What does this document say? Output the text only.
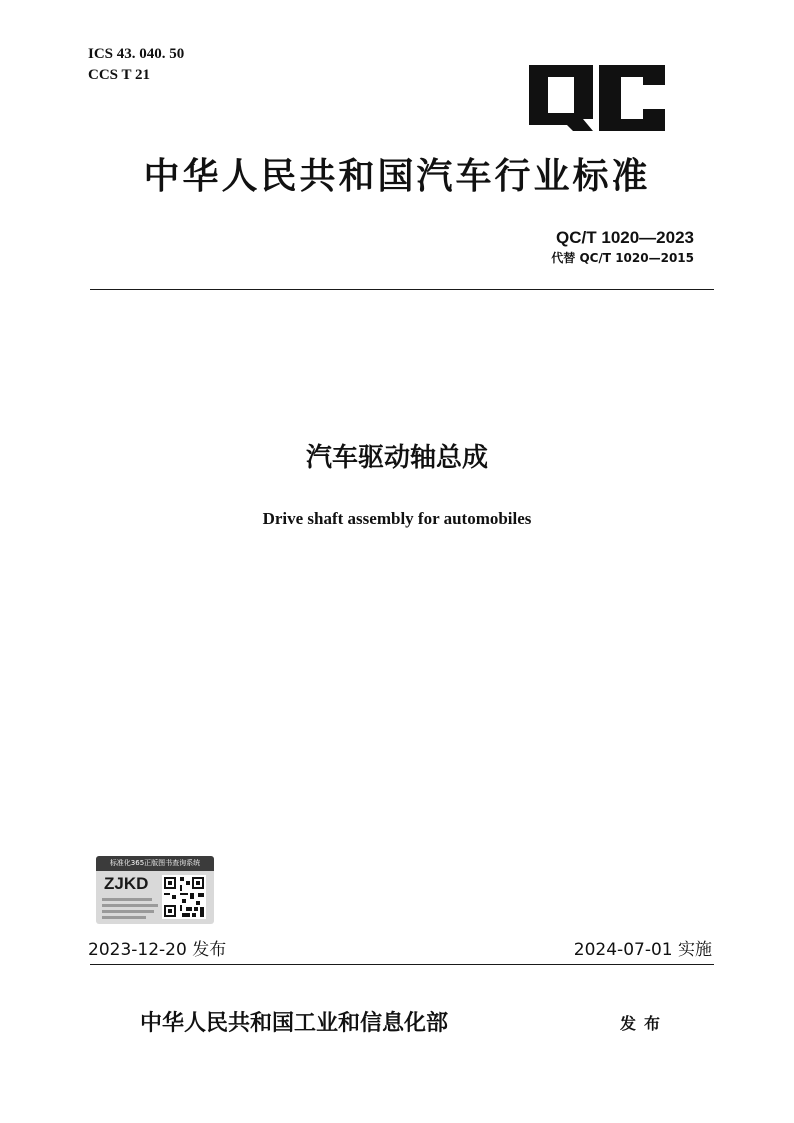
ICS 43. 040. 50
CCS T 21
中华人民共和国汽车行业标准
QC/T 1020—2023
代替 QC/T 1020—2015
汽车驱动轴总成
Drive shaft assembly for automobiles
标准化365正版图书查询系统
ZJKD
2023-12-20 发布	2024-07-01 实施
中华人民共和国工业和信息化部	发布
